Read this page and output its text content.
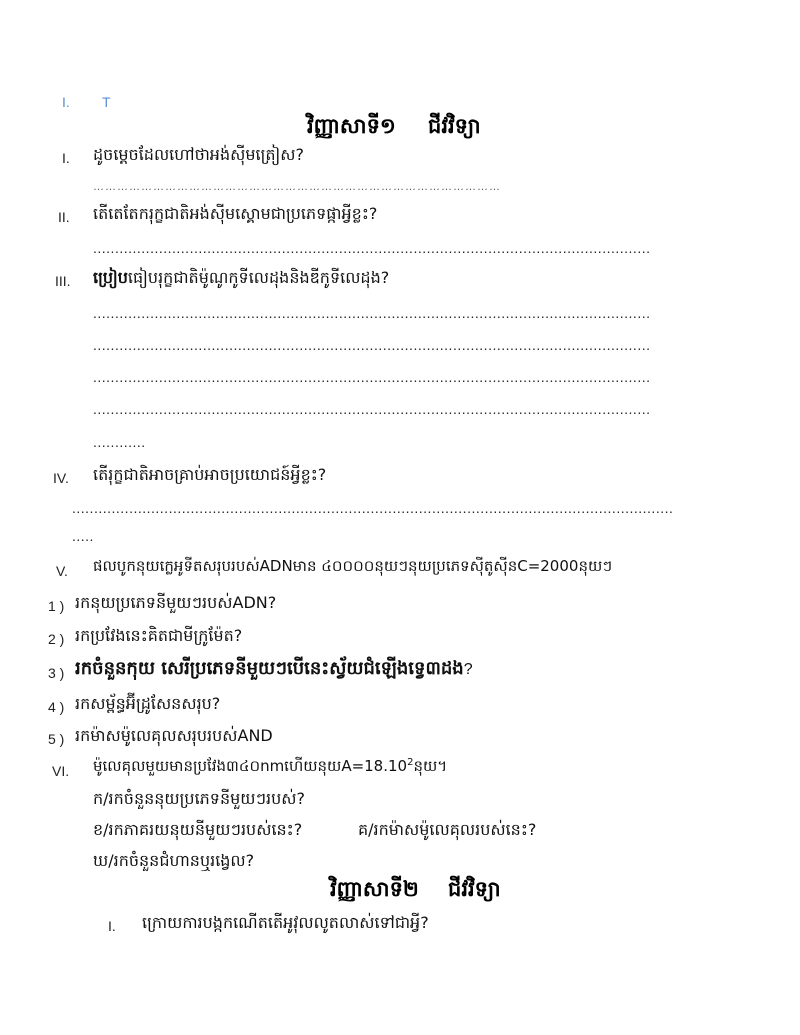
I. T
វិញ្ញាសាទី១ ជីវវិទ្យា
I. ដូចម្តេចដែលហៅថាអង់ស៊ីមត្រៀស?
…………………………………………………………………………………………
II. តើតេតែករុក្ខជាតិអង់ស៊ីមស្គោមជាប្រភេទផ្កាអ្វីខ្លះ?
...............................................................................................................................
III. ប្រៀបធៀបរុក្ខជាតិម៉ូណូកូទីលេដុងនិងឌីកូទីលេដុង?
...............................................................................................................................
...............................................................................................................................
...............................................................................................................................
...............................................................................................................................
............
IV. តើរុក្ខជាតិអាចគ្រាប់អាចប្រយោជន៍អ្វីខ្លះ?
.........................................................................................................................................
.....
V. ផលបូកនុយក្លេអូទីតសរុបរបស់ADNមាន ៤០០០០នុយៗនុយប្រភេទស៊ីតូស៊ីនC=2000នុយៗ
1 ) រកនុយប្រភេទនីមួយៗរបស់ADN?
2 ) រកប្រវែងនេះគិតជាមីក្រូម៉ែត?
3 ) រកចំនួនកុយ សេរីប្រភេទនីមួយៗបើនេះស្វ័យជំឡើងទ្វេ៣ដង?
4 ) រកសម្ព័ន្ធអ៊ីដ្រូសែនសរុប?
5 ) រកម៉ាសម៉ូលេគុលសរុបរបស់AND
VI. ម៉ូលេគុលមួយមានប្រវែង៣៤០nmហើយនុយ$A=18.10^2$នុយ។
ក/រកចំនួននុយប្រភេទនីមួយៗរបស់?
ខ/រកភាគរយនុយនីមួយៗរបស់នេះ?	គ/រកម៉ាសម៉ូលេគុលរបស់នេះ?
ឃ/រកចំនួនជំហានឬរង្វេល?
វិញ្ញាសាទី២ ជីវវិទ្យា
I. ក្រោយការបង្កកណើតតើអូវុលលូតលាស់ទៅជាអ្វី?
